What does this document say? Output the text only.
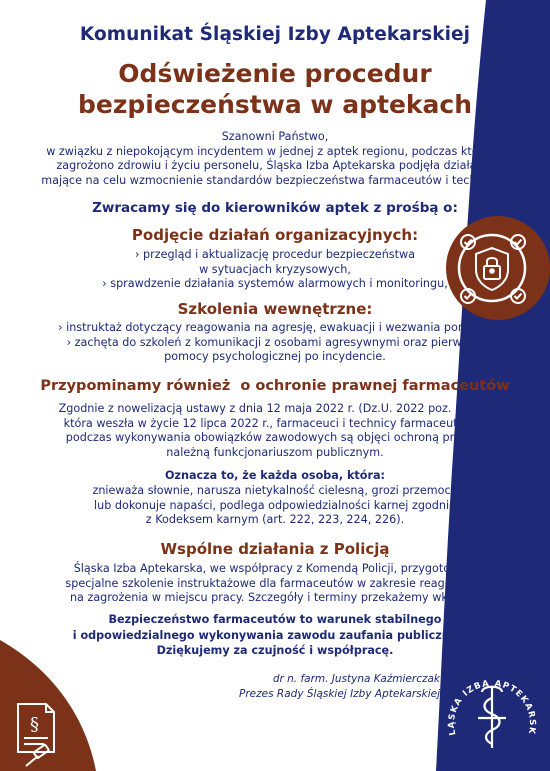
§	LĄSKA IZBA APTEKARSK

Komunikat Śląskiej Izby Aptekarskiej

Odświeżenie procedur
bezpieczeństwa w aptekach
Szanowni Państwo,
w związku z niepokojącym incydentem w jednej z aptek regionu, podczas którego
zagrożono zdrowiu i życiu personelu, Śląska Izba Aptekarska podjęła działania
mające na celu wzmocnienie standardów bezpieczeństwa farmaceutów i techników

Zwracamy się do kierowników aptek z prośbą o:

Podjęcie działań organizacyjnych:

› przegląd i aktualizację procedur bezpieczeństwa
w sytuacjach kryzysowych,
› sprawdzenie działania systemów alarmowych i monitoringu,

Szkolenia wewnętrzne:

› instruktaż dotyczący reagowania na agresję, ewakuacji i wezwania pomocy,
› zachęta do szkoleń z komunikacji z osobami agresywnymi oraz pierwszej
pomocy psychologicznej po incydencie.

Przypominamy również  o ochronie prawnej farmaceutów

Zgodnie z nowelizacją ustawy z dnia 12 maja 2022 r. (Dz.U. 2022 poz. 1344),
która weszła w życie 12 lipca 2022 r., farmaceuci i technicy farmaceutyczni
podczas wykonywania obowiązków zawodowych są objęci ochroną prawną
należną funkcjonariuszom publicznym.

Oznacza to, że każda osoba, która:

znieważa słownie, narusza nietykalność cielesną, grozi przemocą
lub dokonuje napaści, podlega odpowiedzialności karnej zgodnie
z Kodeksem karnym (art. 222, 223, 224, 226).

Wspólne działania z Policją

Śląska Izba Aptekarska, we współpracy z Komendą Policji, przygotowuje
specjalne szkolenie instruktażowe dla farmaceutów w zakresie reagowania
na zagrożenia w miejscu pracy. Szczegóły i terminy przekażemy wkrótce.
Bezpieczeństwo farmaceutów to warunek stabilnego
i odpowiedzialnego wykonywania zawodu zaufania publicznego.
Dziękujemy za czujność i współpracę.
dr n. farm. Justyna Kaźmierczak
Prezes Rady Śląskiej Izby Aptekarskiej
